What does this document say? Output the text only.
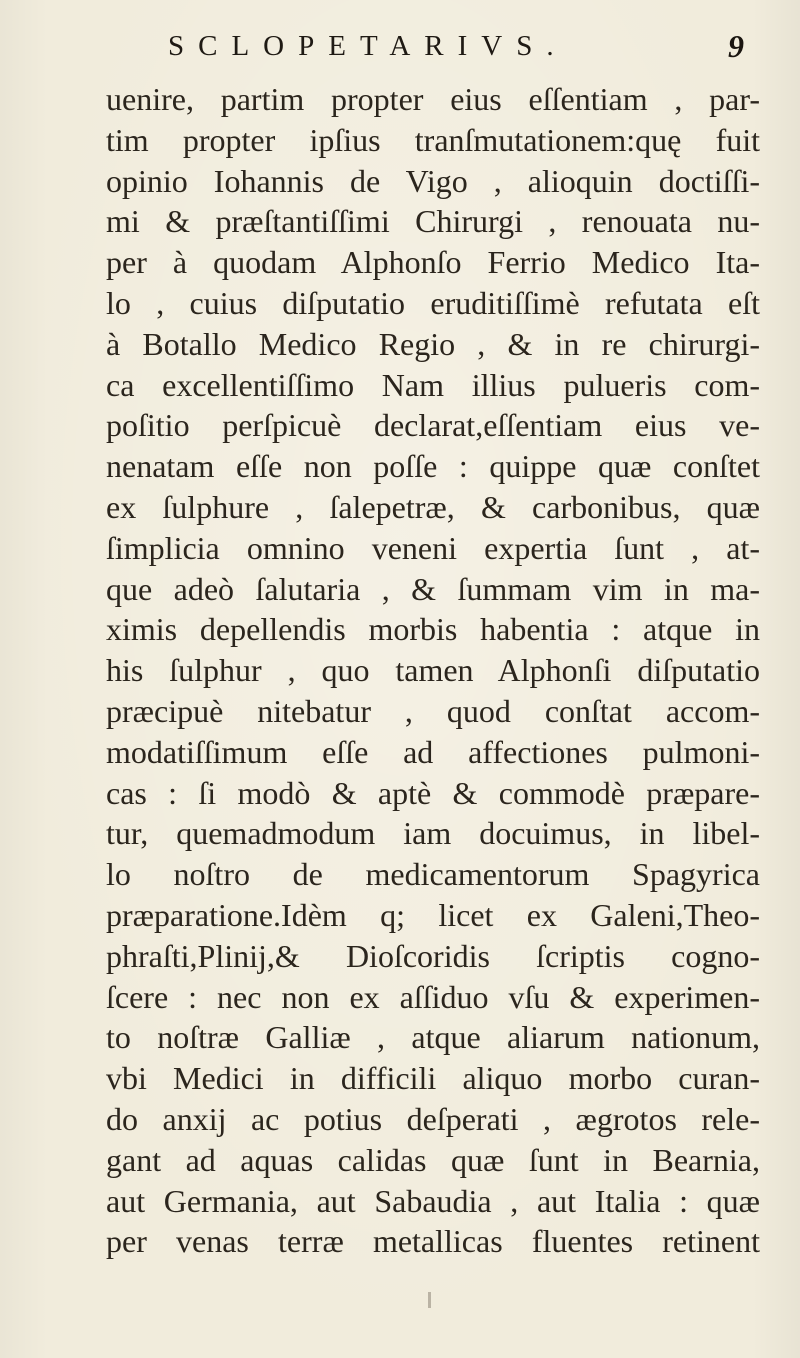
SCLOPETARIVS.	9
uenire, partim propter eius eſſentiam , par-
tim propter ipſius tranſmutationem:quę fuit
opinio Iohannis de Vigo , alioquin doctiſſi-
mi & præſtantiſſimi Chirurgi , renouata nu-
per à quodam Alphonſo Ferrio Medico Ita-
lo , cuius diſputatio eruditiſſimè refutata eſt
à Botallo Medico Regio , & in re chirurgi-
ca excellentiſſimo Nam illius pulueris com-
poſitio perſpicuè declarat,eſſentiam eius ve-
nenatam eſſe non poſſe : quippe quæ conſtet
ex ſulphure , ſalepetræ, & carbonibus, quæ
ſimplicia omnino veneni expertia ſunt , at-
que adeò ſalutaria , & ſummam vim in ma-
ximis depellendis morbis habentia : atque in
his ſulphur , quo tamen Alphonſi diſputatio
præcipuè nitebatur , quod conſtat accom-
modatiſſimum eſſe ad affectiones pulmoni-
cas : ſi modò & aptè & commodè præpare-
tur, quemadmodum iam docuimus, in libel-
lo noſtro de medicamentorum Spagyrica
præparatione.Idèm q; licet ex Galeni,Theo-
phraſti,Plinij,& Dioſcoridis ſcriptis cogno-
ſcere : nec non ex aſſiduo vſu & experimen-
to noſtræ Galliæ , atque aliarum nationum,
vbi Medici in difficili aliquo morbo curan-
do anxij ac potius deſperati , ægrotos rele-
gant ad aquas calidas quæ ſunt in Bearnia,
aut Germania, aut Sabaudia , aut Italia : quæ
per venas terræ metallicas fluentes retinent
